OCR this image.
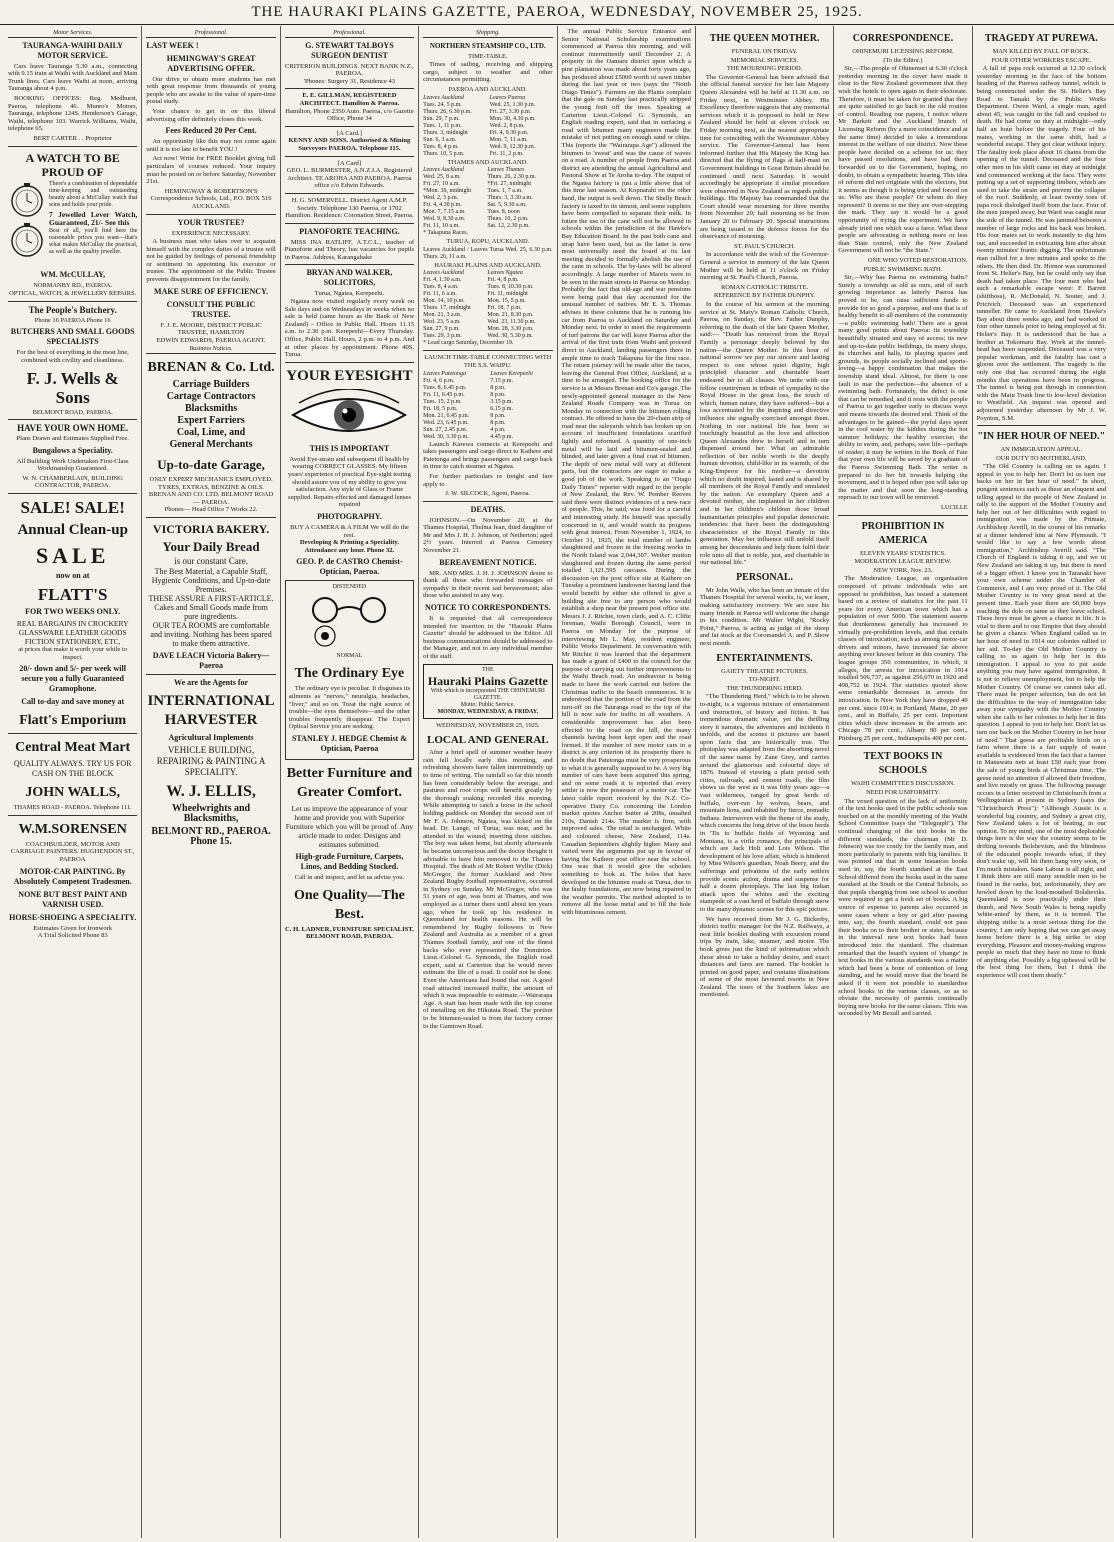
THE HAURAKI PLAINS GAZETTE, PAEROA, WEDNESDAY, NOVEMBER 25, 1925.
Motor Services.
TAURANGA-WAIHI DAILY MOTOR SERVICE.
Cars leave Tauranga 5.30 a.m., connecting with 9.15 train at Waihi with Auckland and Main Trunk lines. Cars leave Waihi at noon, arriving Tauranga about 4 p.m.
BOOKING OFFICES: Reg. Medhurst, Paeroa, telephone 46. Munro's Motors, Tauranga, telephone 124S. Henderson's Garage, Waihi, telephone 103. Warrick Williams, Waihi, telephone 65.
BERT CARTER . . Proprietor
A WATCH TO BE PROUD OF
There's a combination of dependable time-keeping and outstanding beauty about a McCullay watch that wins and holds your pride.
7 Jewelled Lever Watch, Guaranteed, 21/- See this
Best of all, you'll find here the reasonable prices you want—that's what makes McCullay the practical, as well as the quality jeweller.
WM. McCULLAY,
NORMANBY RD., PAEROA.
OPTICAL, WATCH, & JEWELLERY REPAIRS.
The People's Butchery.
Phone 16 PAEROA Phone 16
BUTCHERS AND SMALL GOODS SPECIALISTS
For the best of everything in the meat line, combined with civility and cleanliness.
F. J. Wells & Sons
BELMONT ROAD, PAEROA.
HAVE YOUR OWN HOME.
Plans Drawn and Estimates Supplied Free.
Bungalows a Speciality.
All Building Work Undertaken First-Class Workmanship Guaranteed.
W. N. CHAMBERLAIN, BUILDING CONTRACTOR, PAEROA.
SALE! SALE!
Annual Clean-up
SALE
now on at
FLATT'S
FOR TWO WEEKS ONLY.
REAL BARGAINS IN CROCKERY GLASSWARE LEATHER GOODS FICTION STATIONERY, ETC,
at prices that make it worth your while to inspect.
20/- down and 5/- per week will secure you a fully Guaranteed Gramophone.
Call to-day and save money at
Flatt's Emporium
Central Meat Mart
QUALITY ALWAYS. TRY US FOR CASH ON THE BLOCK
JOHN WALLS,
THAMES ROAD - PAEROA. Telephone 111.
W.M.SORENSEN
COACHBUILDER, MOTOR AND CARRIAGE PAINTERS. HUGHENDON ST., PAEROA
MOTOR-CAR PAINTING. By Absolutely Competent Tradesmen.
NONE BUT BEST PAINT AND VARNISH USED.
HORSE-SHOEING A SPECIALITY.
Estimates Given for Ironwork
A Trial Solicited Phone 83
Professional.
LAST WEEK !
HEMINGWAY'S GREAT ADVERTISING OFFER.
Our drive to obtain more students has met with great response from thousands of young people who are awake to the value of spare-time postal study.
Your chance to get in on this liberal advertising offer definitely closes this week.
Fees Reduced 20 Per Cent.
An opportunity like this may not come again until it is too late to benefit YOU !
Act now! Write for FREE Booklet giving full particulars of courses reduced. Your inquiry must be posted on or before Saturday, November 21st.
HEMINGWAY & ROBERTSON'S Correspondence Schools, Ltd., P.O. BOX 516 AUCKLAND.
YOUR TRUSTEE?
EXPERIENCE NECESSARY.
A business man who takes over to acquaint himself with the complex duties of a trustee will not be guided by feelings of personal friendship or sentiment in appointing his executor or trustee. The appointment of the Public Trustee prevents disappointment for the family.
MAKE SURE OF EFFICIENCY.
CONSULT THE PUBLIC TRUSTEE.
F. J. E. MOORE, DISTRICT PUBLIC TRUSTEE, HAMILTON
EDWIN EDWARDS, PAEROA AGENT.
Business Notices.
BRENAN & Co. Ltd.
Carriage Builders
Cartage Contractors
Blacksmiths
Expert Farriers
Coal, Lime, and
General Merchants
Up-to-date Garage,
ONLY EXPERT MECHANICS EMPLOYED.
TYRES, EXTRAS, BENZINE & OILS.
BRENAN AND CO. LTD. BELMONT ROAD — PAEROA.
Phones— Head Office 7 Works 22.
VICTORIA BAKERY.
Your Daily Bread
is our constant Care.
The Best Material, a Capable Staff, Hygienic Conditions, and Up-to-date Premises.
THESE ASSURE A FIRST-ARTICLE.
Cakes and Small Goods made from pure ingredients.
OUR TEA ROOMS are comfortable and inviting. Nothing has been spared to make them attractive.
DAVE LEACH Victoria Bakery—Paeroa
We are the Agents for
INTERNATIONAL HARVESTER
Agricultural Implements
VEHICLE BUILDING, REPAIRING & PAINTING A SPECIALITY.
W. J. ELLIS,
Wheelwrights and Blacksmiths,
BELMONT RD., PAEROA. Phone 15.
Professional.
G. STEWART TALBOYS SURGEON DENTIST
CRITERION BUILDINGS. NEXT BANK N.Z., PAEROA.
'Phones: Surgery 31, Residence 43
E. E. GILLMAN, REGISTERED ARCHITECT. Hamilton & Paeroa.
Hamilton, Phone 2350 Auto. Paeroa, c/o Gazette Office, Phone 34
[A Card.]
KENNY AND SONS. Authorised & Mining Surveyors PAEROA. Telephone 115.
[A Card]
GEO. L. BURMESTER, A.N.Z.I.A. Registered Architect. TE AROHA AND PAEROA. Paeroa office c/o Edwin Edwards.
H. G. SOMERVELL. District Agent A.M.P. Society. Telephone 130 Paeroa, or 1702 Hamilton. Residence: Coronation Street, Paeroa.
PIANOFORTE TEACHING.
MISS INA RATLIFF, A.T.C.L., teacher of Pianoforte and Theory, has vacancies for pupils in Paeroa. Address, Karangahake
BRYAN AND WALKER, SOLICITORS,
Turua, Ngatea, Kerepeehi.
Ngatea now visited regularly every week on Sale days and on Wednesdays in weeks when no sale is held (same hours as the Bank of New Zealand) - Office in Public Hall. Hours 11.15 a.m. to 2.30 p.m. Kerepeehi—Every Thursday. Office, Public Hall. Hours, 2 p.m. to 4 p.m. And at other places by appointment. Phone 40S, Turua.
YOUR EYESIGHT
THIS IS IMPORTANT
Avoid Eye-strain and subsequent ill health by wearing CORRECT GLASSES. My fifteen years' experience of practical Eye-sight testing should assure you of my ability to give you satisfaction. Any style of Glass or Frame supplied. Repairs effected and damaged lenses repaired
PHOTOGRAPHY.
BUY A CAMERA & A FILM We will do the rest.
Developing & Printing a Speciality. Attendance any hour. Phone 32.
GEO. P. de CASTRO Chemist-Optician, Paeroa.
DISTENDED
NORMAL
The Ordinary Eye
The ordinary eye is peculiar. It disguises its ailments as "nerves," neuralgia, headaches, "liver," and so on. Treat the right source of trouble—the eyes themselves—and the other troubles frequently disappear. The Expert Optical Service you are seeking.
STANLEY J. HEDGE Chemist & Optician, Paeroa
Better Furniture and Greater Comfort.
Let us improve the appearance of your home and provide you with Superior Furniture which you will be proud of. Any article made to order. Designs and estimates submitted.
High-grade Furniture, Carpets, Linos, and Bedding Stocked.
Call in and inspect, and let us advise you.
One Quality—The Best.
C. H. LADNER, FURNITURE SPECIALIST, BELMONT ROAD, PAEROA.
Shipping.
NORTHERN STEAMSHIP CO., LTD.
TIME-TABLE.
Times of sailing, receiving and shipping cargo, subject to weather and other circumstances permitting.
PAEROA AND AUCKLAND.
Leaves Auckland	Leaves Paeroa
Tues. 24, 5 p.m.	Wed. 25, 1.30 p.m.
Thurs. 26, 6.30 p.m.	Fri. 27, 3.30 p.m.
Sun. 29, 7 p.m.	Mon. 30, 4.30 p.m.
Tues. 1, 11 p.m.	Wed. 2, 8 p.m.
Thurs. 3, midnight	Fri. 4, 9.30 p.m.
Sun. 6, 3 a.m.	Mon. 7, 11 a.m.
Tues. 8, 4 p.m.	Wed. 9, 12.30 p.m.
Thurs. 10, 5 p.m.	Fri. 11, 2 p.m.
THAMES AND AUCKLAND.
Leaves Auckland	Leaves Thames
Wed. 25, 8 a.m.	Thurs. 26, 2.30 p.m.
Fri. 27, 10 a.m.	*Fri. 27, midnight
*Mon. 30, midnight	Tues. 1, 7 a.m.
Wed. 2, 3 p.m.	Thurs. 3, 3.30 a.m.
Fri. 4, 4.30 p.m.	Sat. 5, 9.30 a.m.
Mon. 7, 7.15 a.m.	Tues. 8, noon
Wed. 9, 8.30 a.m.	Thurs. 10, 2 p.m.
Fri. 11, 10 a.m.	Sat. 12, 2.30 p.m.
* Takapuna Races.
TURUA, KOPU, AUCKLAND.
Leaves Auckland / Leaves Turua Wed. 25, 6.30 p.m. Thurs. 26, 11 a.m.
HAURAKI PLAINS AND AUCKLAND.
Leaves Auckland	Leaves Ngatea
Fri. 4, 1.30 a.m.	Fri. 4, 8 p.m.
Tues. 8, 4 a.m.	Tues. 8, 10.30 p.m.
Fri. 11, 6 a.m.	Fri. 11, midnight
Mon. 14, 10 p.m.	Mon. 15, 5 p.m.
Thurs. 17, midnight	Fri. 18, 7 p.m.
Mon. 21, 3 a.m.	Mon. 21, 8.30 p.m.
Wed. 23, 5 a.m.	Wed. 23, 11.30 p.m.
Sun. 27, 9 p.m.	Mon. 28, 3.30 p.m.
Tues. 29, 3 p.m.	Wed. 30, 5.30 p.m.
* Lead cargo Saturday, December 19.
LAUNCH TIME-TABLE CONNECTING WITH THE S.S. WAIPU.
Leaves Patetonga	Leaves Kerepeehi
Fri. 4, 6 p.m.	7.15 p.m.
Tues. 8, 6.45 p.m.	8 p.m.
Fri. 11, 6.45 p.m.	8 p.m.
Tues. 15, 2 p.m.	3.15 p.m.
Fri. 18, 5 p.m.	6.15 p.m.
Mon. 21, 6.45 p.m.	8 p.m.
Wed. 23, 6.45 p.m.	8 p.m.
Sun. 27, 2.45 p.m.	4 p.m.
Wed. 30, 3.30 p.m.	4.45 p.m.
Launch Karewa connects at Kerepeehi and takes passengers and cargo direct to Kaihere and Patetonga and brings passengers and cargo back in time to catch steamer at Ngatea.
For further particulars re freight and fare apply to
J. W. SILCOCK, Agent, Paeroa.
DEATHS.
JOHNSON.—On November 20, at the Thames Hospital, Thelma Jean, third daughter of Mr and Mrs J. H. J. Johnson, of Netherton; aged 2½ years. Interred at Paeroa Cemetery November 21.
BEREAVEMENT NOTICE.
MR. AND MRS. J. H. J. JOHNSON desire to thank all those who forwarded messages of sympathy in their recent sad bereavement; also those who assisted in any way.
NOTICE TO CORRESPONDENTS.
It is requested that all correspondence intended for insertion in the "Hauraki Plains Gazette" should be addressed to the Editor. All business communications should be addressed to the Manager, and not to any individual member of the staff.
THE
Hauraki Plains Gazette
With which is incorporated THE OHINEMURI GAZETTE.
Motto: Public Service.
MONDAY, WEDNESDAY, & FRIDAY.
WEDNESDAY, NOVEMBER 25, 1925.
LOCAL AND GENERAL
After a brief spell of summer weather heavy rain fell locally early this morning, and refreshing showers have fallen intermittently up to time of writing. The rainfall so far this month has been considerably below the average, and pastures and root crops will benefit greatly by the thorough soaking recorded this morning. While attempting to catch a horse in the school holding paddock on Monday the second son of Mr F. A. Johnson, Ngatea, was kicked on the head. Dr. Lange, of Turua, was near, and he attended to the wound, inserting three stitches. The boy was taken home, but shortly afterwards he became unconscious and the doctor thought it advisable to have him removed to the Thames Hospital. The death of Mr Robert Wyllie (Dick) McGregor, the former Auckland and New Zealand Rugby football representative, occurred in Sydney on Sunday. Mr McGregor, who was 51 years of age, was born at Thames, and was employed as a turner there until about ten years ago, when he took up his residence in Queensland for health reasons. He will be remembered by Rugby followers in New Zealand and Australia as a member of a great Thames football family, and one of the finest backs who ever represented the Dominion. Lieut.-Colonel G. Symonds, the English road expert, said at Carterton that he would never estimate the life of a road. It could not be done. Even the Americans had found that out. A good road attracted increased traffic, the amount of which it was impossible to estimate.—Wairarapa Age. A start has been made with the top course of metalling on the Hikutaia Road. The portion to be bitumen-sealed is from the factory corner to the Gumtown Road.
The annual Public Service Entrance and Senior National Scholarship examinations commenced at Paeroa this morning, and will continue intermittently until December 2. A property in the Oamaru district upon which a pine plantation was made about forty years ago, has produced about £5000 worth of sawn timber during the last year or two (says the "North Otago Times"). Farmers on the Plains complain that the gale on Sunday last practically stripped the young fruit off the trees. Speaking at Carterton Lieut.-Colonel G. Symonds, an English roading expert, said that in surfacing a road with bitumen many engineers made the mistake of not putting on enough sand or chips. This (reports the "Wairarapa Age") allowed the bitumen to 'sweat' and was the cause of waves on a road. A number of people from Paeroa and district are attending the annual Agricultural and Pastoral Show at Te Aroha to-day. The output of the Ngatea factory is just a little above that of this time last season. At Kopuarahi on the other hand, the output is well down. The Shelly Beach factory is taxed to its utmost, and some suppliers have been compelled to separate their milk. In future the use of the cane will not be allowed in schools within the jurisdiction of the Hawke's Bay Education Board. In the past both cane and strap have been used, but as the latter is now most universally used the board at its last meeting decided to formally abolish the use of the cane in schools. The by-laws will be altered accordingly. A large number of Maoris were to be seen in the main streets in Paeroa on Monday. Probably the fact that old-age and war pensions were being paid that day accounted for the unusual number of natives. Mr E. S. Thomas advises in these columns that he is running his car from Paeroa to Auckland on Saturday and Monday next. In order to meet the requirements of turf patrons the car will leave Paeroa after the arrival of the first train from Waihi and proceed direct to Auckland, landing passengers there in ample time to reach Takapuna for the first race. The return journey will be made after the races, leaving the General Post Office, Auckland, at a time to be arranged. The booking office for the service is at Messrs Brenan and Co's garage. The newly-appointed general manager to the New Zealand Roads Company was in Turua on Monday in connection with the bitumen rolling contract. He offered to have the 20-chain strip of road near the saleyards which has broken up on account of insufficient foundations scarified lightly and reformed. A quantity of one-inch metal will be laid and bitumen-sealed and blinded, and later given a final coat of bitumen. The depth of new metal will vary at different parts, but the contractors are eager to make a good job of the work. Speaking to an "Otago Daily Times" reporter with regard to the people of New Zealand, the Rev. W. Pember Reeves said there were distinct evidences of a new race of people. This, he said, was food for a careful and interesting study. He himself was specially concerned in it, and would watch its progress with great interest. From November 1, 1924, to October 31, 1925, the total number of lambs slaughtered and frozen in the freezing works in the North Island was 2,044,307. Wether mutton slaughtered and frozen during the same period totalled 1,121,595 carcases. During the discussion on the post office site at Kaihere on Tuesday a prominent landowner having land that would benefit by either site offered to give a building site free to any person who would establish a shop near the present post office site. Messrs J. J. Ritchie, town clerk, and A. C. Clifte foreman, Waihi Borough Council, were in Paeroa on Monday for the purpose of interviewing Mr L. May, resident engineer, Public Works Department. In conversation with Mr Ritchie it was learned that the department has made a grant of £400 to the council for the purpose of carrying out further improvements to the Waihi Beach road. An endeavour is being made to have the work carried out before the Christmas traffic to the beach commences. It is understood that the portion of the road from the turn-off on the Tauranga road to the top of the hill is now safe for traffic in all weathers. A considerable improvement has also been effected to the road on the hill, the many channels having been kept open and the road formed. If the number of new motor cars in a district is any criterion of its prosperity there is no doubt that Patetonga must be very prosperous to what it is generally supposed to be. A very big number of cars have been acquired this spring, and on some roads it is reported that every settler is now the possessor of a motor car. The latest cable report received by the N.Z. Co-operative Dairy Co. concerning the London market quotes Anchor butter at 208s, unsalted 210s, Danish 214s. The market is firm, with improved sales. The retail is unchanged. White and coloured cheese, New Zealand, 114s. Canadian Septembers slightly higher. Many and varied were the arguments put up in favour of having the Kaihere post office near the school. One was that it would give the scholars something to look at. The holes that have developed in the bitumen roads at Turua, due to the faulty foundations, are now being repaired in the weather permits. The method adopted is to remove all the loose metal and to fill the hole with bituminous cement.
THE QUEEN MOTHER.
FUNERAL ON FRIDAY.
MEMORIAL SERVICES.
THE MOURNING PERIOD.
The Governor-General has been advised that the official funeral service for her late Majesty Queen Alexandra will be held at 11.30 a.m. on Friday next, in Westminster Abbey. His Excellency therefore suggests that any memorial services which it is proposed to hold in New Zealand should be held at eleven o'clock on Friday morning next, as the nearest appropriate time for coinciding with the Westminster Abbey service. The Governor-General has been informed further that His Majesty the King has directed that the flying of flags at half-mast on Government buildings in Great Britain should be continued until next Saturday. It would accordingly be appropriate if similar procedure were observed in New Zealand as regards public buildings. His Majesty has commanded that the Court should wear mourning for three months from November 20; half mourning to be from January 20 to February 20. Special instructions are being issued to the defence forces for the observance of mourning.
ST. PAUL'S CHURCH.
In accordance with the wish of the Governor-General a service in memory of the late Queen Mother will be held at 11 o'clock on Friday morning at St. Paul's Church, Paeroa.
ROMAN CATHOLIC TRIBUTE.
REFERENCE BY FATHER DUNPHY.
In the course of his sermon at the morning service at St. Mary's Roman Catholic Church, Paeroa, on Sunday, the Rev. Father Dunphy, referring to the death of the late Queen Mother, said:— "Death has removed from the Royal Family a personage deeply beloved by the nation—the Queen Mother. In this hour of national sorrow we pay our sincere and lasting respect to one whose quiet dignity, high principled character and charitable heart endeared her to all classes. We unite with our fellow countrymen in tribute of sympathy to the Royal House in the great loss, the touch of which, human nature, they have suffered—but a loss accentuated by the inspiring and directive influence she signally exercised amongst them. Nothing in our national life has been so touchingly beautiful as the love and affection Queen Alexandra drew to herself and in turn dispensed around her. What an admirable reflection of her noble worth is the deeply human devotion, child-like in its warmth, of the King-Emperor for his mother—a devotion which no doubt inspired, lasted and is shared by all members of the Royal Family and emulated by the nation. An exemplary Queen and a devoted mother, she implanted in her children and in her children's children those broad humanitarian principles and popular democratic tendencies that have been the distinguishing characteristics of the Royal Family in this generation. May her influence still unfold itself among her descendants and help them fulfil their role unto all that is noble, just, and charitable in our national life."
PERSONAL.
Mr John Walls, who has been an inmate of the Thames Hospital for several weeks, is, we learn, making satisfactory recovery. We are sure his many friends in Paeroa will welcome the change in his condition. Mr Walter Wight, "Rocky Point," Paeroa, is acting as judge of the sheep and fat stock at the Coromandel A. and P. Show next month.
ENTERTAINMENTS.
GAIETY THEATRE PICTURES.
TO-NIGHT.
THE THUNDERING HERD.
"The Thundering Herd," which is to be shown to-night, is a vigorous mixture of entertainment and instruction, of history and fiction. It has tremendous dramatic value, yet the thrilling story it narrates, the adventures and incidents it unfolds, and the scenes it pictures are based upon facts that are historically true. The photoplay was adapted from the absorbing novel of the same name by Zane Grey, and carries around the glamorous and colourful days of 1876. Instead of viewing a plain period with cities, railroads, and cement roads, the film shows us the west as it was fifty years ago—a vast wilderness, ranged by great herds of buffalo, over-run by wolves, bears, and mountain lions, and inhabited by fierce, nomadic Indians. Interwoven with the theme of the study, which concerns the long drive of the bison herds in 'Tis to buffalo fields of Wyoming and Montana, is a virile romance, the principals of which are Jack Holt and Lois Wilson. The development of his love affair, which is hindered by Miss Wilson's guardian, Noah Beery, and the sufferings and privations of the early settlers provide scenic action, drama and suspense for half a dozen photoplays. The last big Indian attack upon the whites and the exciting stampede of a vast herd of buffalo through snow to the many dynamic scenes for this epic picture.
We have received from Mr J. G. Bickerby, district traffic manager for the N.Z. Railways, a neat little booklet dealing with excursion round trips by train, lake, steamer, and motor. The book gives just the kind of information which those about to take a holiday desire, and exact distances and fares are named. The booklet is printed on good paper, and contains illustrations of some of the most favoured resorts in New Zealand. The tours of the Southern lakes are mentioned.
CORRESPONDENCE.
OHINEMURI LICENSING REFORM.
(To the Editor.)
Sir,—The people of Ohinemuri at 6.30 o'clock yesterday morning in the cover have made it clear to the New Zealand government that they wish the hotels to open again in their electorate. Therefore, it must be taken for granted that they are quite satisfied to go back to the old routine of control. Reading our papers, I notice where Mr Barkett and the Auckland branch of Licensing Reform (by a mere coincidence and at the same time) decided to take a tremendous interest in the welfare of our district. Now these people have decided on a scheme for us: they have passed resolutions, and have had them forwarded on to the Government, hoping, no doubt, to obtain a sympathetic hearing. This idea of reform did not originate with the electors, but it seems as though it is being tried and forced on us. Who are these people? Or whom do they represent? It seems to me they are over-stepping the mark. They say it would be a good opportunity of trying the experiment. We have already tried one which was a farce. What these people are advocating is nothing more or less than State control, only the New Zealand Government will not be "the State."
ONE WHO VOTED RESTORATION.
PUBLIC SWIMMING BATH.
Sir,—Why has Paeroa no swimming baths? Surely a township as old as ours, and of such growing importance as latterly Paeroa has proved to be, can raise sufficient funds to provide for so good a purpose, and one that is of healthy benefit to all members of the community—a public swimming bath! There are a great many good points about Paeroa: its township beautifully situated and easy of access; its new and up-to-date public buildings, its many shops, its churches and halls, its playing spaces and grounds, its people socially inclined and sports-loving—a happy combination that makes the township stand ideal. Almost, for there is one fault to mar the perfection—the absence of a swimming bath. Fortunately, the defect is one that can be remedied, and it rests with the people of Paeroa to get together early to discuss ways and means towards the desired end. Think of the advantages to be gained—the joyful days spent in the cool water by the kiddies during the hot summer holidays; the healthy exercise; the ability to swim, and, perhaps, save life—perhaps of reader; it may be written in the Book of Fate that your own life will be saved by a graduate of the Paeroa Swimming Bath. The writer is prepared to do her bit towards helping the movement, and it is hoped other pen will take up the matter and that soon the long-standing reproach to our town will be removed.
LUCILLE
PROHIBITION IN AMERICA
ELEVEN YEARS' STATISTICS.
MODERATION LEAGUE REVIEW.
NEW YORK, Nov. 23.
The Moderation League, an organisation composed of private individuals who are opposed to prohibition, has issued a statement based on a review of statistics for the past 11 years for every American town which has a population of over 5000. The statement asserts that drunkenness generally has increased to virtually pre-prohibition levels, and that certain classes of intoxication, such as among motor-car drivers and minors, have increased far above anything ever known before in this country. The league groups 350 communities, in which, it alleges, the arrests for intoxication in 1914 totalled 506,737, as against 256,070 in 1920 and 498,752 in 1924. The statistics quoted show some remarkable decreases in arrests for intoxication. In New York they have dropped 40 per cent. since 1914; in Portland, Maine, 20 per cent., and in Buffalo, 25 per cent. Important cities which show increases in the arrests are: Chicago 78 per cent., Albany 90 per cent., Pittsburg 25 per cent., Indianapolis 400 per cent.
TEXT BOOKS IN SCHOOLS
WAIHI COMMITTEE'S DISCUSSION.
NEED FOR UNIFORMITY.
The vexed question of the lack of uniformity of the text books used in the public schools was touched on at the monthly meeting of the Waihi School Committee (says the "Telegraph"). The continual changing of the text books in the different standards, the chairman (Mr D. Johnson) was too costly for the family man, and more particularly to parents with big families. It was pointed out that in some instances books used in, say, the fourth standard at the East School differed from the books used in the same standard at the South or the Central Schools, so that pupils changing from one school to another were required to get a fresh set of books. A big source of expense to parents also occurred in some cases where a boy or girl after passing into, say, the fourth standard, could not pass their books on to their brother or sister, because in the interval new text books had been introduced into the standard. The chairman remarked that the board's system of 'change' in text books in the various standards was a matter which had been a bone of contention of long standing, and he would move that the board be asked if it were not possible to standardise school books in the various classes, so as to obviate the necessity of parents continually buying new books for the same classes. This was seconded by Mr Bexall and carried.
TRAGEDY AT PUREWA.
MAN KILLED BY FALL OF ROCK.
FOUR OTHER WORKERS ESCAPE.
A fall of papa rock occurred at 12.30 o'clock yesterday morning in the face of the bottom heading of the Purewa railway tunnel, which is being constructed under the St. Helier's Bay Road to Tamaki by the Public Works Department. Owen Ward, a single man, aged about 45, was caught in the fall and crushed to death. He had come on duty at midnight—only half an hour before the tragedy. Four of his mates, working in the same shift, had a wonderful escape. They got clear without injury. The fatality took place about 16 chains from the opening of the tunnel. Deceased and the four other men in his shift came on duty at midnight and commenced working at the face. They were putting up a set of supporting timbers, which are used to take the strain and prevent the collapse of the roof. Suddenly, at least twenty tons of papa rock dislodged itself from the face. Four of the men jumped away, but Ward was caught near the side of the tunnel. He was jammed between a number of large rocks and his back was broken. His four mates set to work instantly to dig him out, and succeeded in extricating him after about twenty minutes' frantic digging. The unfortunate man rallied for a few minutes and spoke to the others. He then died. Dr. Hornor was summoned from St. Helier's Bay, but he could only say that death had taken place. The four men who had such a remarkable escape were: F. Barrett (shiftboss), R. McDonald, N. Souter, and J. Pricivich. Deceased was an experienced tunneller. He came to Auckland from Hawke's Bay about three weeks ago, and had worked in four other tunnels prior to being employed at St. Helier's Bay. It is understood that he has a brother at Tokomaru Bay. Work at the tunnel-head has been suspended. Deceased was a very popular workman, and the fatality has cast a gloom over the settlement. The tragedy is the only one that has occurred during the eight months that operations have been in progress. The tunnel is being put through in connection with the Main Trunk line to low-level deviation to Westfield. An inquest was opened and adjourned yesterday afternoon by Mr J. W. Poynton, S.M.
"IN HER HOUR OF NEED."
AN IMMIGRATION APPEAL.
OUR DUTY TO MOTHERLAND.
"The Old Country is calling on us again. I appeal to you to help her. Don't let us turn our backs on her in her hour of need." In short, pungent sentences such as these an eloquent and telling appeal to the people of New Zealand to rally to the support of the Mother Country and help her out of her difficulties with regard to immigration was made by the Primate, Archbishop Averill, in the course of his remarks at a dinner tendered him at New Plymouth. "I would like to say a few words about immigration," Archbishop Averill said. "The Church of England is taking it up, and we in New Zealand are taking it up, but there is need of a bigger effort. I know you in Taranaki have your own scheme under the Chamber of Commerce, and I am very proud of it. The Old Mother Country is in very great need at the present time. Each year there are 60,000 boys reaching the dole on same as they leave school. These boys must be given a chance in life. It is vital to them and to our Empire that they should be given a chance. When England called us in her hour of need in 1914 our colonies rallied to her aid. To-day the Old Mother Country is calling to us again to help her in this immigration. I appeal to you to put aside anything you may have against immigration. It is not to relieve unemployment, but to help the Mother Country. Of course we cannot take all. There must be proper selection, but do not let the difficulties in the way of immigration take away your sympathy with the Mother Country when she calls to her colonies to help her in this question. I appeal to you to help her. Don't let us turn our back on the Mother Country in her hour of need." That geese are profitable birds on a farm where there is a fair supply of water available is evidenced from the fact that a farmer in Manawatu nets at least £50 each year from the sale of young birds at Christmas time. The geese need no attention if allowed their freedom, and live mostly on grass. The following passage occurs in a letter received in Christchurch from a Wellingtonian at present in Sydney (says the "Christchurch Press"): "Although Aussie is a wonderful big country, and Sydney a great city, New Zealand takes a lot of beating, in our opinion. To my mind, one of the most deplorable things here is the way the country seems to be drifting towards Bolshevism, and the blindness of the educated people towards what, if they don't wake up, will hit them bang very soon, or I'm much mistaken. Sane Labour is all right, and I think there are still many sensible men to be found in the ranks, but, unfortunately, they are howled down by the loud-mouthed Bolsheviks. Queensland is now practically under their thumb, and New South Wales is being rapidly 'white-anted' by them, as it is termed. The shipping strike is a most serious thing for the country. I am only hoping that we can get away home before there is a big strike to stop everything. Pleasure and money-making engross people so much that they have no time to think of anything else. Possibly a big upheaval will be the best thing for them, but I think the experience will cost them dearly."
